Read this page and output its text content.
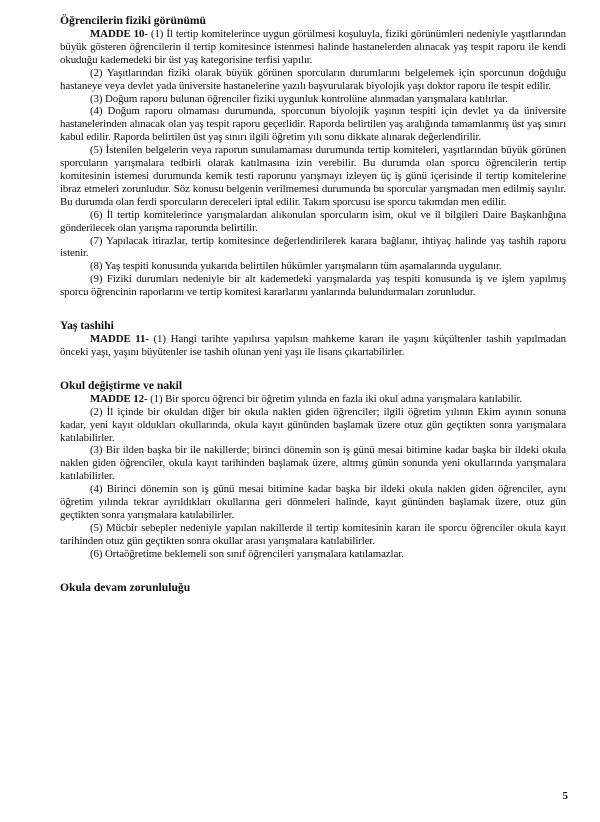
Öğrencilerin fiziki görünümü

MADDE 10- (1) İl tertip komitelerince uygun görülmesi koşuluyla, fiziki görünümleri nedeniyle yaşıtlarından büyük gösteren öğrencilerin il tertip komitesince istenmesi halinde hastanelerden alınacak yaş tespit raporu ile kendi okuduğu kademedeki bir üst yaş kategorisine terfisi yapılır.

(2) Yaşıtlarından fiziki olarak büyük görünen sporcuların durumlarını belgelemek için sporcunun doğduğu hastaneye veya devlet yada üniversite hastanelerine yazılı başvurularak biyolojik yaşı doktor raporu ile tespit edilir.

(3) Doğum raporu bulunan öğrenciler fiziki uygunluk kontrolüne alınmadan yarışmalara katılırlar.

(4) Doğum raporu olmaması durumunda, sporcunun biyolojik yaşının tespiti için devlet ya da üniversite hastanelerinden alınacak olan yaş tespit raporu geçerlidir. Raporda belirtilen yaş aralığında tamamlanmış üst yaş sınırı kabul edilir. Raporda belirtilen üst yaş sınırı ilgili öğretim yılı sonu dikkate alınarak değerlendirilir.

(5) İstenilen belgelerin veya raporun sunulamaması durumunda tertip komiteleri, yaşıtlarından büyük görünen sporcuların yarışmalara tedbirli olarak katılmasına izin verebilir. Bu durumda olan sporcu öğrencilerin tertip komitesinin istemesi durumunda kemik testi raporunu yarışmayı izleyen üç iş günü içerisinde il tertip komitelerine ibraz etmeleri zorunludur. Söz konusu belgenin verilmemesi durumunda bu sporcular yarışmadan men edilmiş sayılır. Bu durumda olan ferdi sporcuların dereceleri iptal edilir. Takım sporcusu ise sporcu takımdan men edilir.

(6) İl tertip komitelerince yarışmalardan alıkonulan sporcuların isim, okul ve il bilgileri Daire Başkanlığına gönderilecek olan yarışma raporunda belirtilir.

(7) Yapılacak itirazlar, tertip komitesince değerlendirilerek karara bağlanır, ihtiyaç halinde yaş tashih raporu istenir.

(8) Yaş tespiti konusunda yukarıda belirtilen hükümler yarışmaların tüm aşamalarında uygulanır.

(9) Fiziki durumları nedeniyle bir alt kademedeki yarışmalarda yaş tespiti konusunda iş ve işlem yapılmış sporcu öğrencinin raporlarını ve tertip komitesi kararlarını yanlarında bulundurmaları zorunludur.

Yaş tashihi

MADDE 11- (1) Hangi tarihte yapılırsa yapılsın mahkeme kararı ile yaşını küçültenler tashih yapılmadan önceki yaşı, yaşını büyütenler ise tashih olunan yeni yaşı ile lisans çıkartabilirler.

Okul değiştirme ve nakil

MADDE 12- (1) Bir sporcu öğrenci bir öğretim yılında en fazla iki okul adına yarışmalara katılabilir.

(2) İl içinde bir okuldan diğer bir okula naklen giden öğrenciler; ilgili öğretim yılının Ekim ayının sonuna kadar, yeni kayıt oldukları okullarında, okula kayıt gününden başlamak üzere otuz gün geçtikten sonra yarışmalara katılabilirler.

(3) Bir ilden başka bir ile nakillerde; birinci dönemin son iş günü mesai bitimine kadar başka bir ildeki okula naklen giden öğrenciler, okula kayıt tarihinden başlamak üzere, altmış günün sonunda yeni okullarında yarışmalara katılabilirler.

(4) Birinci dönemin son iş günü mesai bitimine kadar başka bir ildeki okula naklen giden öğrenciler, aynı öğretim yılında tekrar ayrıldıkları okullarına geri dönmeleri halinde, kayıt gününden başlamak üzere, otuz gün geçtikten sonra yarışmalara katılabilirler.

(5) Mücbir sebepler nedeniyle yapılan nakillerde il tertip komitesinin kararı ile sporcu öğrenciler okula kayıt tarihinden otuz gün geçtikten sonra okullar arası yarışmalara katılabilirler.

(6) Ortaöğretime beklemeli son sınıf öğrencileri yarışmalara katılamazlar.

Okula devam zorunluluğu
5
